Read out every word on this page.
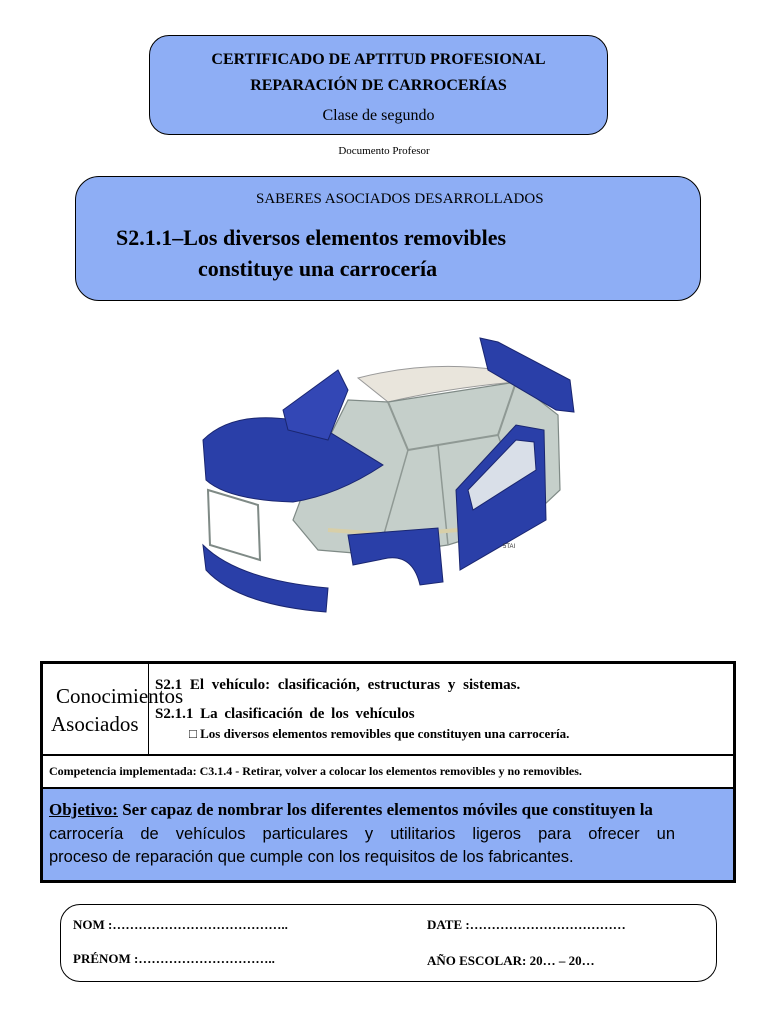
CERTIFICADO DE APTITUD PROFESIONAL
REPARACIÓN DE CARROCERÍAS
Clase de segundo
Documento Profesor
SABERES ASOCIADOS DESARROLLADOS
S2.1.1–Los diversos elementos removibles
constituye una carrocería
5TAI
Conocimientos
Asociados
S2.1 El vehículo: clasificación, estructuras y sistemas.
S2.1.1 La clasificación de los vehículos
□ Los diversos elementos removibles que constituyen una carrocería.
Competencia implementada: C3.1.4 - Retirar, volver a colocar los elementos removibles y no removibles.
Objetivo: Ser capaz de nombrar los diferentes elementos móviles que constituyen la
carrocería de vehículos particulares y utilitarios ligeros para ofrecer un
proceso de reparación que cumple con los requisitos de los fabricantes.
NOM :…………………………………..	DATE :………………………………
PRÉNOM :…………………………..	AÑO ESCOLAR: 20… – 20…
